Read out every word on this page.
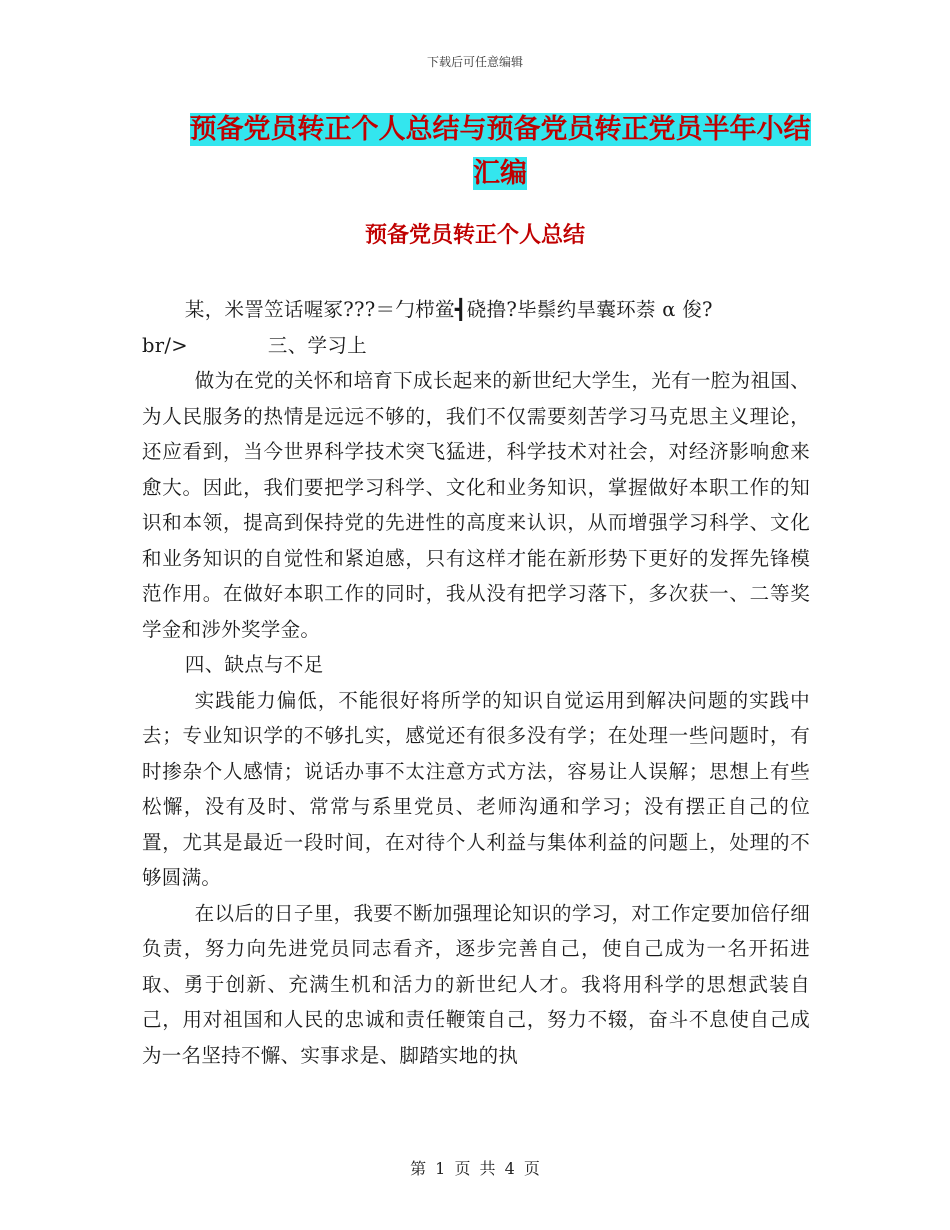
下载后可任意编辑
预备党员转正个人总结与预备党员转正党员半年小结
汇编
预备党员转正个人总结

某，米詈笠话喔冢???＝勹栉鲎┫硗撸?毕鬃约旱囊环萘 α 俊?

br/>	三、学习上

做为在党的关怀和培育下成长起来的新世纪大学生，光有一腔为祖国、为人民服务的热情是远远不够的，我们不仅需要刻苦学习马克思主义理论，还应看到，当今世界科学技术突飞猛进，科学技术对社会，对经济影响愈来愈大。因此，我们要把学习科学、文化和业务知识，掌握做好本职工作的知识和本领，提高到保持党的先进性的高度来认识，从而增强学习科学、文化和业务知识的自觉性和紧迫感，只有这样才能在新形势下更好的发挥先锋模范作用。在做好本职工作的同时，我从没有把学习落下，多次获一、二等奖学金和涉外奖学金。

四、缺点与不足

实践能力偏低，不能很好将所学的知识自觉运用到解决问题的实践中去；专业知识学的不够扎实，感觉还有很多没有学；在处理一些问题时，有时掺杂个人感情；说话办事不太注意方式方法，容易让人误解；思想上有些松懈，没有及时、常常与系里党员、老师沟通和学习；没有摆正自己的位置，尤其是最近一段时间，在对待个人利益与集体利益的问题上，处理的不够圆满。

在以后的日子里，我要不断加强理论知识的学习，对工作定要加倍仔细负责，努力向先进党员同志看齐，逐步完善自己，使自己成为一名开拓进取、勇于创新、充满生机和活力的新世纪人才。我将用科学的思想武装自己，用对祖国和人民的忠诚和责任鞭策自己，努力不辍，奋斗不息使自己成为一名坚持不懈、实事求是、脚踏实地的执

第 1 页 共 4 页
